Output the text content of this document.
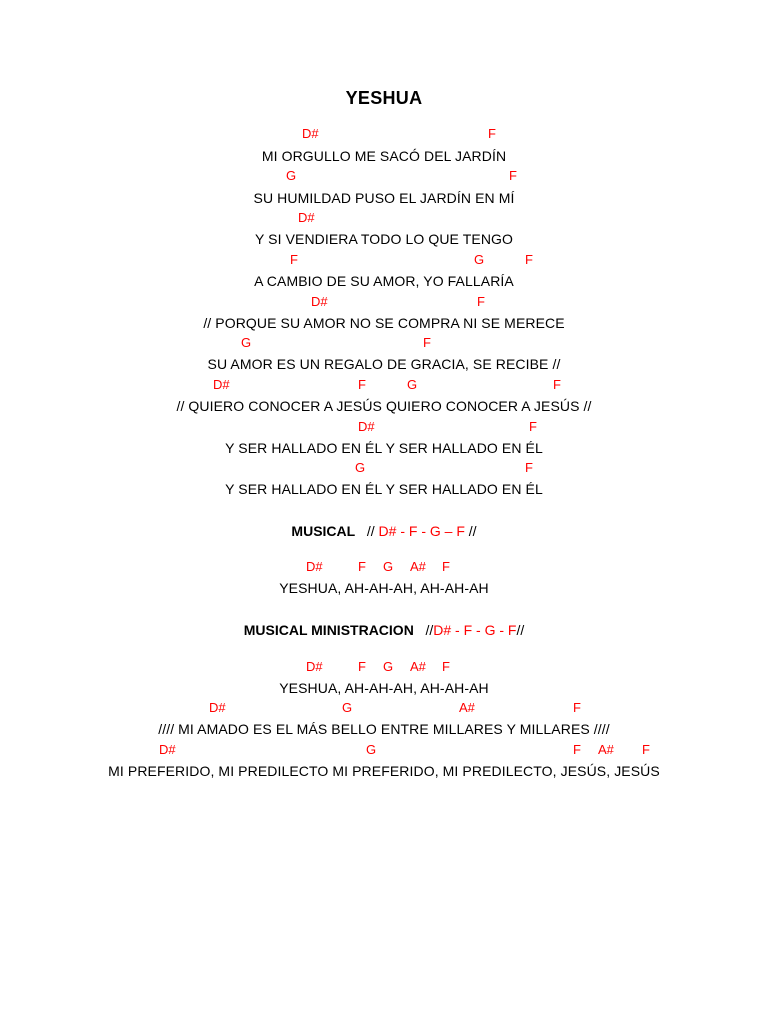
YESHUA
D#	F
MI ORGULLO ME SACÓ DEL JARDÍN
G	F
SU HUMILDAD PUSO EL JARDÍN EN MÍ
D#
Y SI VENDIERA TODO LO QUE TENGO
F	G	F
A CAMBIO DE SU AMOR, YO FALLARÍA
D#	F
// PORQUE SU AMOR NO SE COMPRA NI SE MERECE
G	F
SU AMOR ES UN REGALO DE GRACIA, SE RECIBE //
D#	F	G	F
// QUIERO CONOCER A JESÚS QUIERO CONOCER A JESÚS //
D#	F
Y SER HALLADO EN ÉL Y SER HALLADO EN ÉL
G	F
Y SER HALLADO EN ÉL Y SER HALLADO EN ÉL
MUSICAL // D# - F - G – F //
D#	F G A# F
YESHUA, AH-AH-AH, AH-AH-AH
MUSICAL MINISTRACION //D# - F - G - F//
D#	F G A# F
YESHUA, AH-AH-AH, AH-AH-AH
D#	G	A#	F
//// MI AMADO ES EL MÁS BELLO ENTRE MILLARES Y MILLARES ////
D#	G	F A# F
MI PREFERIDO, MI PREDILECTO MI PREFERIDO, MI PREDILECTO, JESÚS, JESÚS
